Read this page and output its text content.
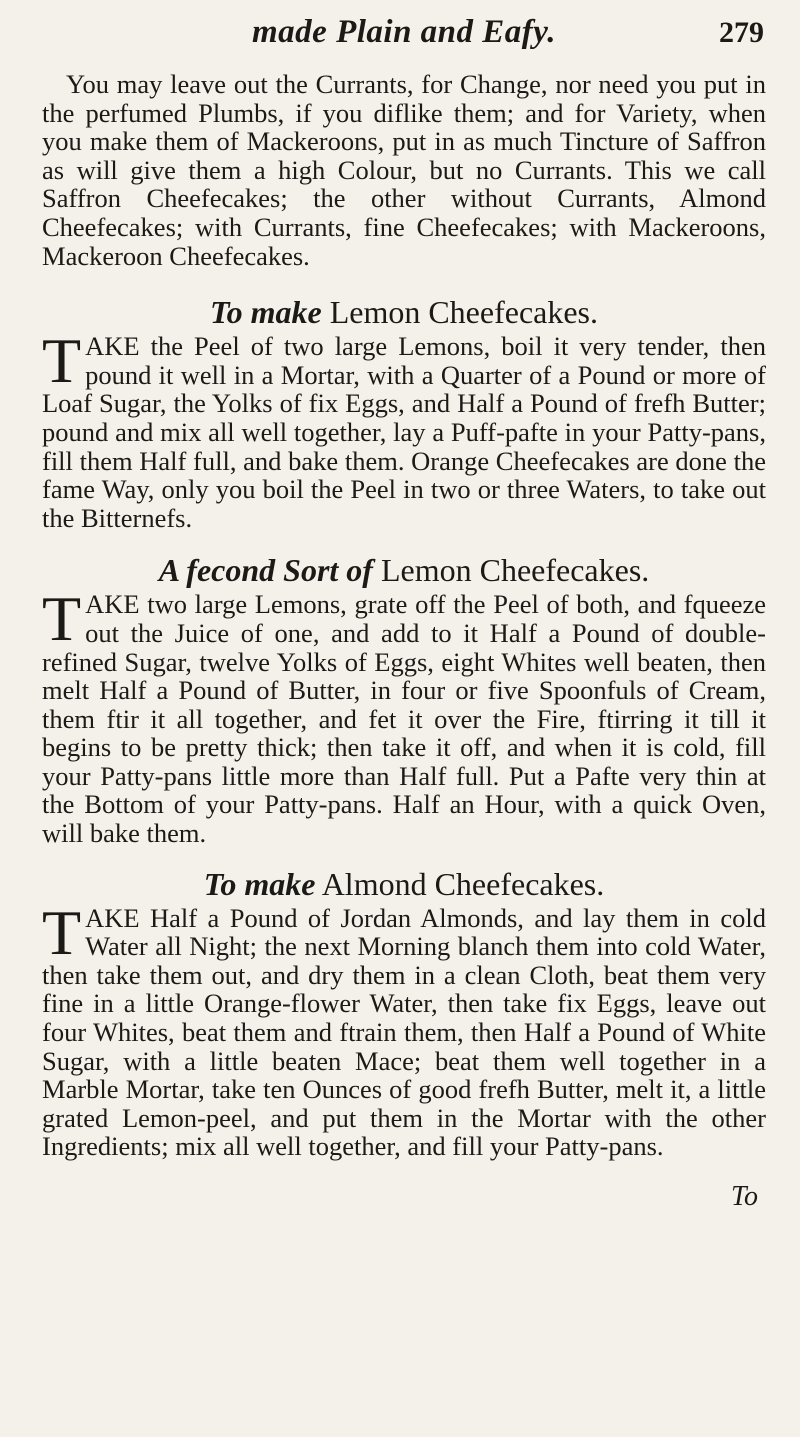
made Plain and Eafy.	279

You may leave out the Currants, for Change, nor need you put in the perfumed Plumbs, if you diflike them; and for Variety, when you make them of Mackeroons, put in as much Tincture of Saffron as will give them a high Colour, but no Currants. This we call Saffron Cheefecakes; the other without Currants, Almond Cheefecakes; with Currants, fine Cheefecakes; with Mackeroons, Mackeroon Cheefecakes.

To make Lemon Cheefecakes.

TAKE the Peel of two large Lemons, boil it very tender, then pound it well in a Mortar, with a Quarter of a Pound or more of Loaf Sugar, the Yolks of fix Eggs, and Half a Pound of frefh Butter; pound and mix all well together, lay a Puff-pafte in your Patty-pans, fill them Half full, and bake them. Orange Cheefecakes are done the fame Way, only you boil the Peel in two or three Waters, to take out the Bitternefs.

A fecond Sort of Lemon Cheefecakes.

TAKE two large Lemons, grate off the Peel of both, and fqueeze out the Juice of one, and add to it Half a Pound of double-refined Sugar, twelve Yolks of Eggs, eight Whites well beaten, then melt Half a Pound of Butter, in four or five Spoonfuls of Cream, them ftir it all together, and fet it over the Fire, ftirring it till it begins to be pretty thick; then take it off, and when it is cold, fill your Patty-pans little more than Half full. Put a Pafte very thin at the Bottom of your Patty-pans. Half an Hour, with a quick Oven, will bake them.

To make Almond Cheefecakes.

TAKE Half a Pound of Jordan Almonds, and lay them in cold Water all Night; the next Morning blanch them into cold Water, then take them out, and dry them in a clean Cloth, beat them very fine in a little Orange-flower Water, then take fix Eggs, leave out four Whites, beat them and ftrain them, then Half a Pound of White Sugar, with a little beaten Mace; beat them well together in a Marble Mortar, take ten Ounces of good frefh Butter, melt it, a little grated Lemon-peel, and put them in the Mortar with the other Ingredients; mix all well together, and fill your Patty-pans.

To
